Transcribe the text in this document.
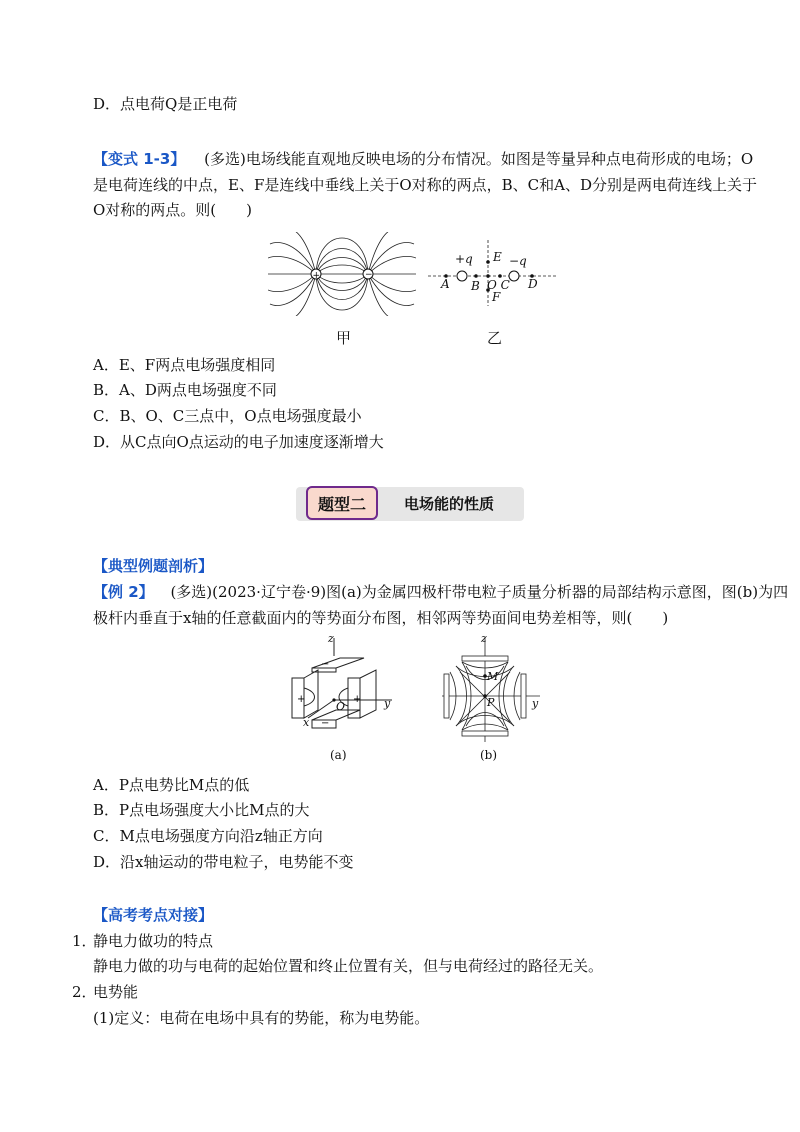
D．点电荷Q是正电荷
【变式 1-3】 (多选)电场线能直观地反映电场的分布情况。如图是等量异种点电荷形成的电场；O
是电荷连线的中点，E、F是连线中垂线上关于O对称的两点，B、C和A、D分别是两电荷连线上关于
O对称的两点。则(　　)
+	−
甲
+q	−q
E
F
A B O C D
乙
A．E、F两点电场强度相同
B．A、D两点电场强度不同
C．B、O、C三点中，O点电场强度最小
D．从C点向O点运动的电子加速度逐渐增大
题型二	电场能的性质
【典型例题剖析】
【例 2】 (多选)(2023·辽宁卷·9)图(a)为金属四极杆带电粒子质量分析器的局部结构示意图，图(b)为四
极杆内垂直于x轴的任意截面内的等势面分布图，相邻两等势面间电势差相等，则(　　)
+	+
−
−
z
y
x
O
(a)
z
y
M
P
(b)
A．P点电势比M点的低
B．P点电场强度大小比M点的大
C．M点电场强度方向沿z轴正方向
D．沿x轴运动的带电粒子，电势能不变
【高考考点对接】
1．
静电力做功的特点
静电力做的功与电荷的起始位置和终止位置有关，但与电荷经过的路径无关。
2．
电势能
(1)定义：电荷在电场中具有的势能，称为电势能。
